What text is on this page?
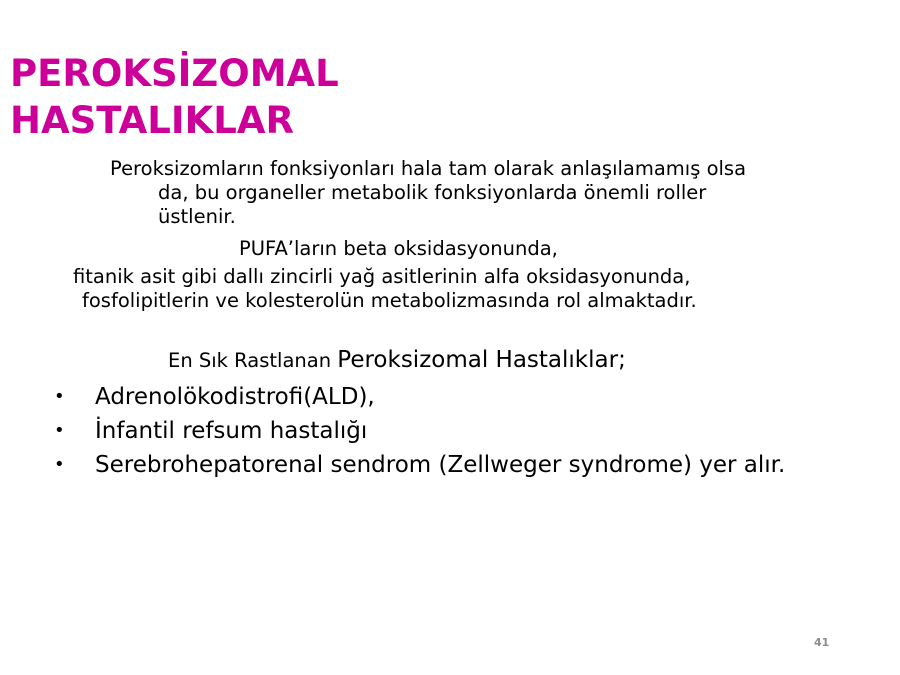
PEROKSİZOMAL
HASTALIKLAR

Peroksizomların fonksiyonları hala tam olarak anlaşılamamış olsa
da, bu organeller metabolik fonksiyonlarda önemli roller
üstlenir.

PUFA’ların beta oksidasyonunda,

fitanik asit gibi dallı zincirli yağ asitlerinin alfa oksidasyonunda,

fosfolipitlerin ve kolesterolün metabolizmasında rol almaktadır.

En Sık Rastlanan Peroksizomal Hastalıklar;

• Adrenolökodistrofi(ALD),
• İnfantil refsum hastalığı
• Serebrohepatorenal sendrom (Zellweger syndrome) yer alır.
41
